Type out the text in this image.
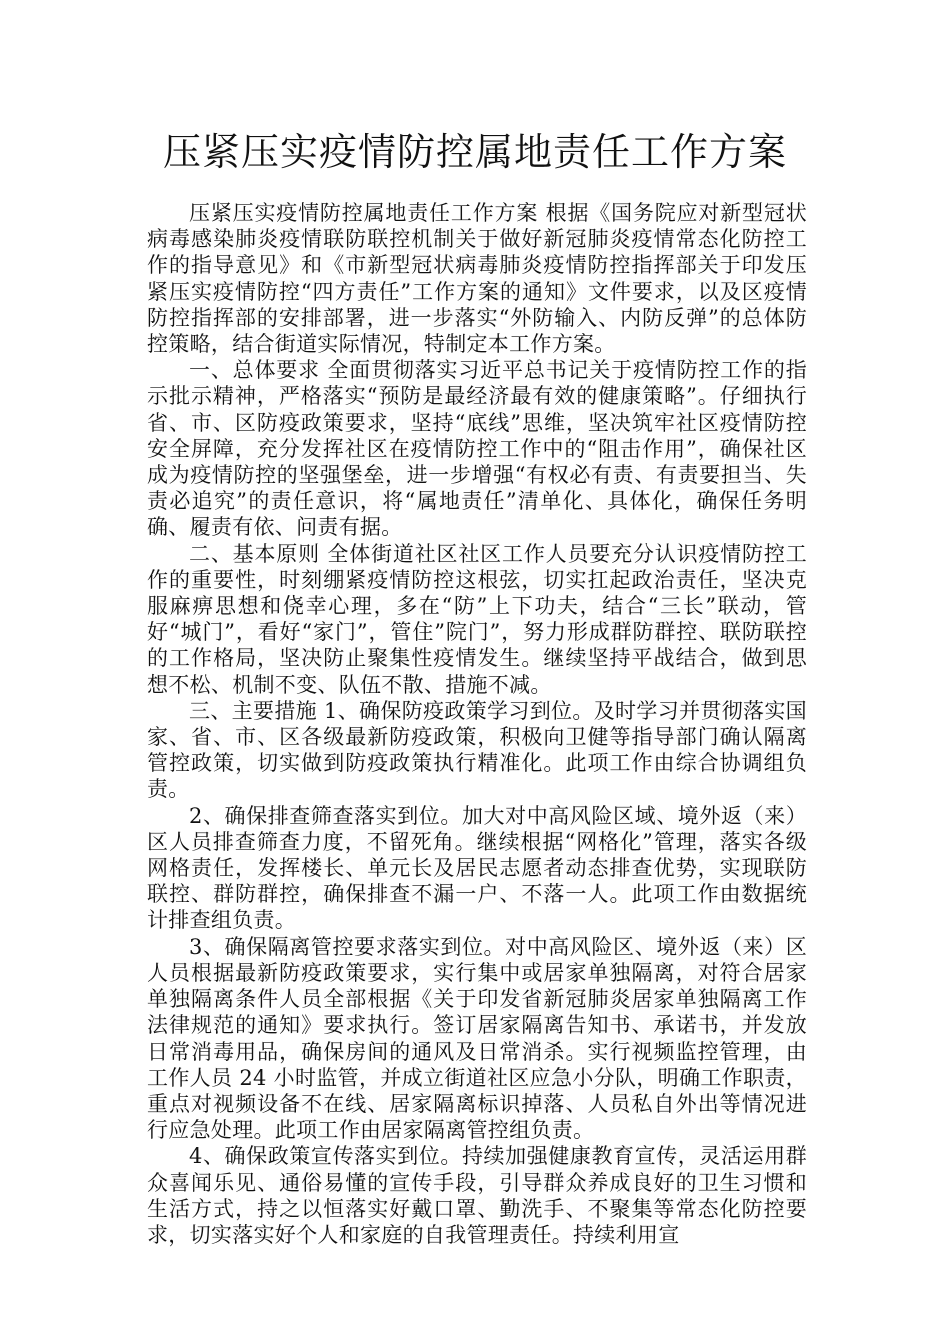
压紧压实疫情防控属地责任工作方案

压紧压实疫情防控属地责任工作方案 根据《国务院应对新型冠状病毒感染肺炎疫情联防联控机制关于做好新冠肺炎疫情常态化防控工作的指导意见》和《市新型冠状病毒肺炎疫情防控指挥部关于印发压紧压实疫情防控“四方责任”工作方案的通知》文件要求，以及区疫情防控指挥部的安排部署，进一步落实“外防输入、内防反弹”的总体防控策略，结合街道实际情况，特制定本工作方案。

一、总体要求 全面贯彻落实习近平总书记关于疫情防控工作的指示批示精神，严格落实“预防是最经济最有效的健康策略”。仔细执行省、市、区防疫政策要求，坚持“底线”思维，坚决筑牢社区疫情防控安全屏障，充分发挥社区在疫情防控工作中的“阻击作用”，确保社区成为疫情防控的坚强堡垒，进一步增强“有权必有责、有责要担当、失责必追究”的责任意识，将“属地责任”清单化、具体化，确保任务明确、履责有依、问责有据。

二、基本原则 全体街道社区社区工作人员要充分认识疫情防控工作的重要性，时刻绷紧疫情防控这根弦，切实扛起政治责任，坚决克服麻痹思想和侥幸心理，多在“防”上下功夫，结合“三长”联动，管好“城门”，看好“家门”，管住”院门”，努力形成群防群控、联防联控的工作格局，坚决防止聚集性疫情发生。继续坚持平战结合，做到思想不松、机制不变、队伍不散、措施不减。

三、主要措施 1、确保防疫政策学习到位。及时学习并贯彻落实国家、省、市、区各级最新防疫政策，积极向卫健等指导部门确认隔离管控政策，切实做到防疫政策执行精准化。此项工作由综合协调组负责。

2、确保排查筛查落实到位。加大对中高风险区域、境外返（来）区人员排查筛查力度，不留死角。继续根据“网格化”管理，落实各级网格责任，发挥楼长、单元长及居民志愿者动态排查优势，实现联防联控、群防群控，确保排查不漏一户、不落一人。此项工作由数据统计排查组负责。

3、确保隔离管控要求落实到位。对中高风险区、境外返（来）区人员根据最新防疫政策要求，实行集中或居家单独隔离，对符合居家单独隔离条件人员全部根据《关于印发省新冠肺炎居家单独隔离工作法律规范的通知》要求执行。签订居家隔离告知书、承诺书，并发放日常消毒用品，确保房间的通风及日常消杀。实行视频监控管理，由工作人员 24 小时监管，并成立街道社区应急小分队，明确工作职责，重点对视频设备不在线、居家隔离标识掉落、人员私自外出等情况进行应急处理。此项工作由居家隔离管控组负责。

4、确保政策宣传落实到位。持续加强健康教育宣传，灵活运用群众喜闻乐见、通俗易懂的宣传手段，引导群众养成良好的卫生习惯和生活方式，持之以恒落实好戴口罩、勤洗手、不聚集等常态化防控要求，切实落实好个人和家庭的自我管理责任。持续利用宣
